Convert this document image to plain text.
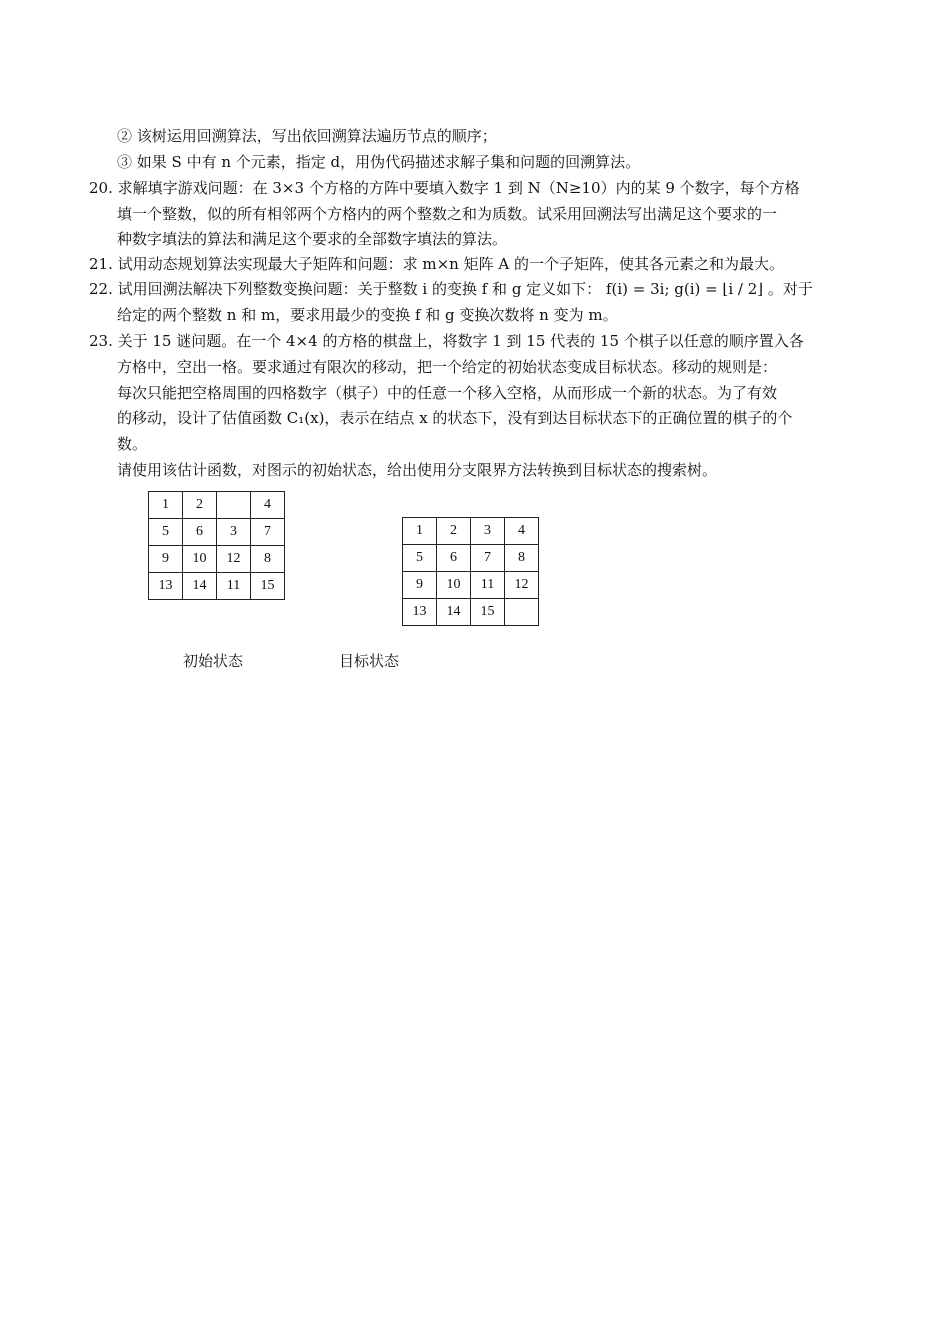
② 该树运用回溯算法，写出依回溯算法遍历节点的顺序；
③ 如果 S 中有 n 个元素，指定 d，用伪代码描述求解子集和问题的回溯算法。
20. 求解填字游戏问题：在 3×3 个方格的方阵中要填入数字 1 到 N（N≥10）内的某 9 个数字，每个方格
填一个整数，似的所有相邻两个方格内的两个整数之和为质数。试采用回溯法写出满足这个要求的一
种数字填法的算法和满足这个要求的全部数字填法的算法。
21. 试用动态规划算法实现最大子矩阵和问题：求 m×n 矩阵 A 的一个子矩阵，使其各元素之和为最大。
22. 试用回溯法解决下列整数变换问题：关于整数 i 的变换 f 和 g 定义如下： f(i) = 3i; g(i) = ⌊i / 2⌋ 。对于
给定的两个整数 n 和 m，要求用最少的变换 f 和 g 变换次数将 n 变为 m。
23. 关于 15 谜问题。在一个 4×4 的方格的棋盘上，将数字 1 到 15 代表的 15 个棋子以任意的顺序置入各
方格中，空出一格。要求通过有限次的移动，把一个给定的初始状态变成目标状态。移动的规则是：
每次只能把空格周围的四格数字（棋子）中的任意一个移入空格，从而形成一个新的状态。为了有效
的移动，设计了估值函数 C₁(x)，表示在结点 x 的状态下，没有到达目标状态下的正确位置的棋子的个
数。
请使用该估计函数，对图示的初始状态，给出使用分支限界方法转换到目标状态的搜索树。
1	2		4
5	6	3	7
9	10	12	8
13	14	11	15
1	2	3	4
5	6	7	8
9	10	11	12
13	14	15	
初始状态	目标状态
